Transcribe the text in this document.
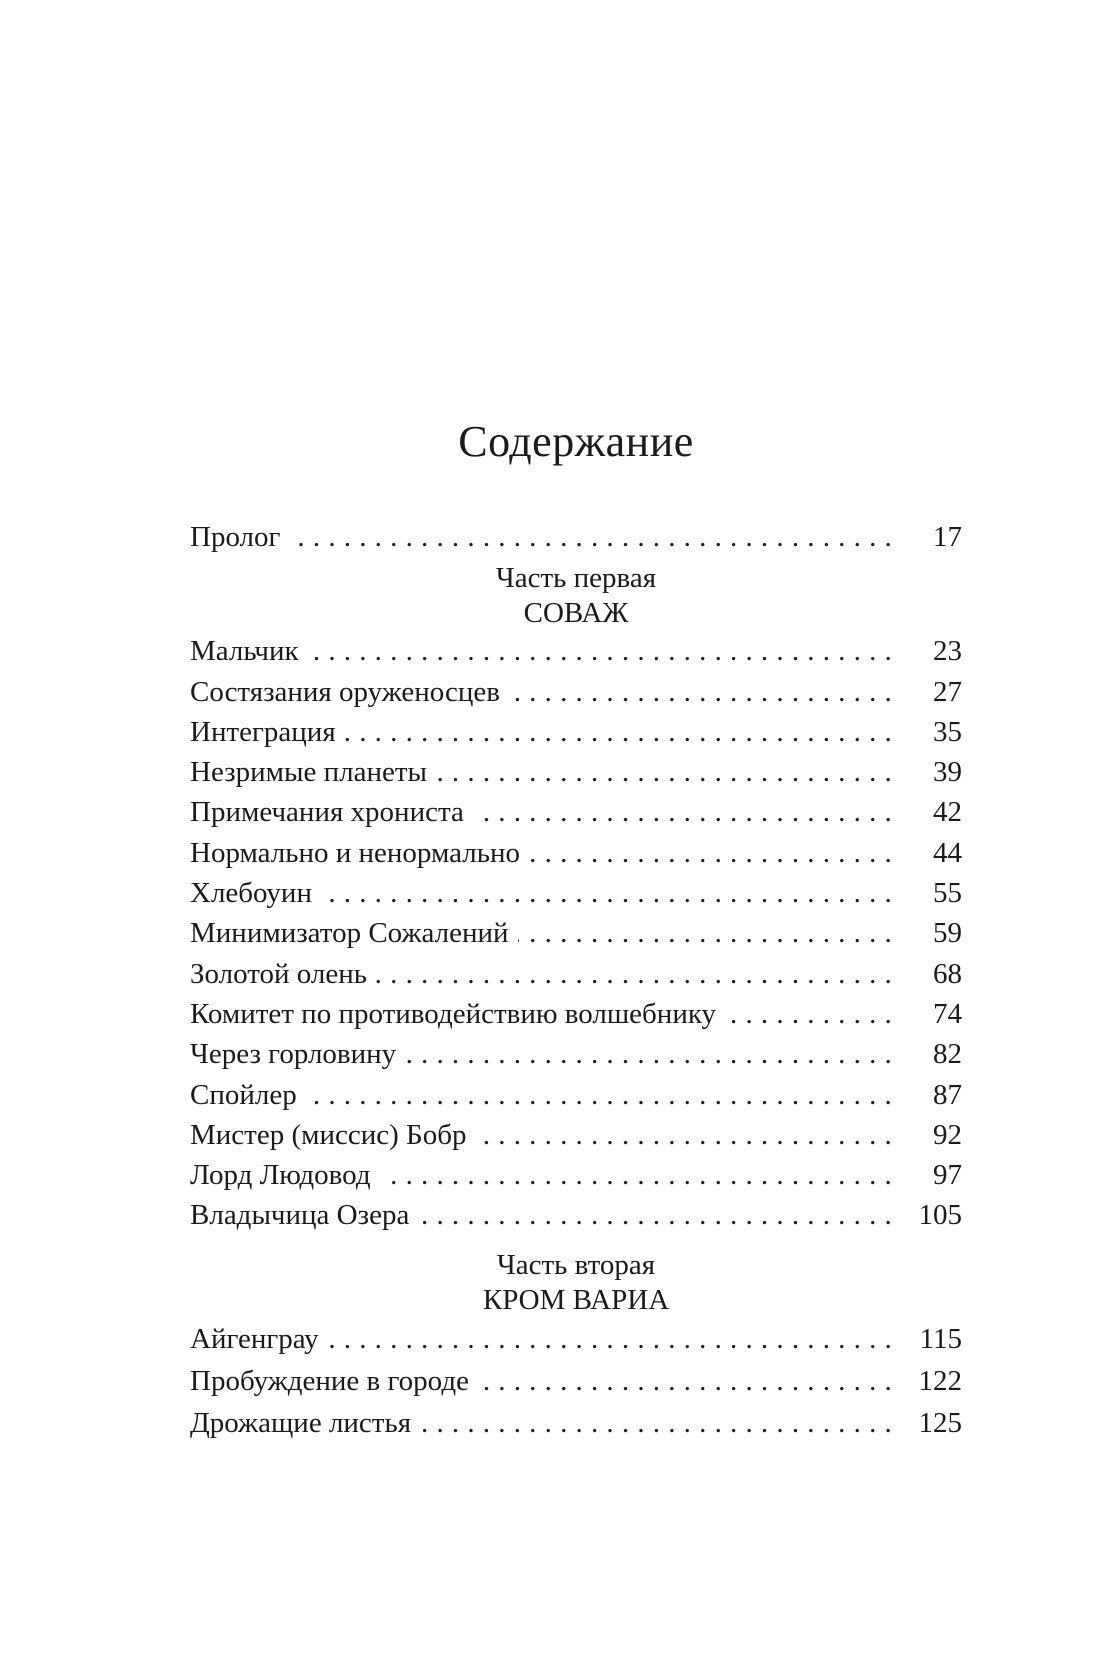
Содержание
Пролог .....	17
Часть первая
СОВАЖ
Мальчик .....	23
Состязания оруженосцев .....	27
Интеграция .....	35
Незримые планеты .....	39
Примечания хрониста .....	42
Нормально и ненормально .....	44
Хлебоуин .....	55
Минимизатор Сожалений .....	59
Золотой олень .....	68
Комитет по противодействию волшебнику .....	74
Через горловину .....	82
Спойлер .....	87
Мистер (миссис) Бобр .....	92
Лорд Людовод .....	97
Владычица Озера .....	105
Часть вторая
КРОМ ВАРИА
Айгенграу .....	115
Пробуждение в городе .....	122
Дрожащие листья .....	125
